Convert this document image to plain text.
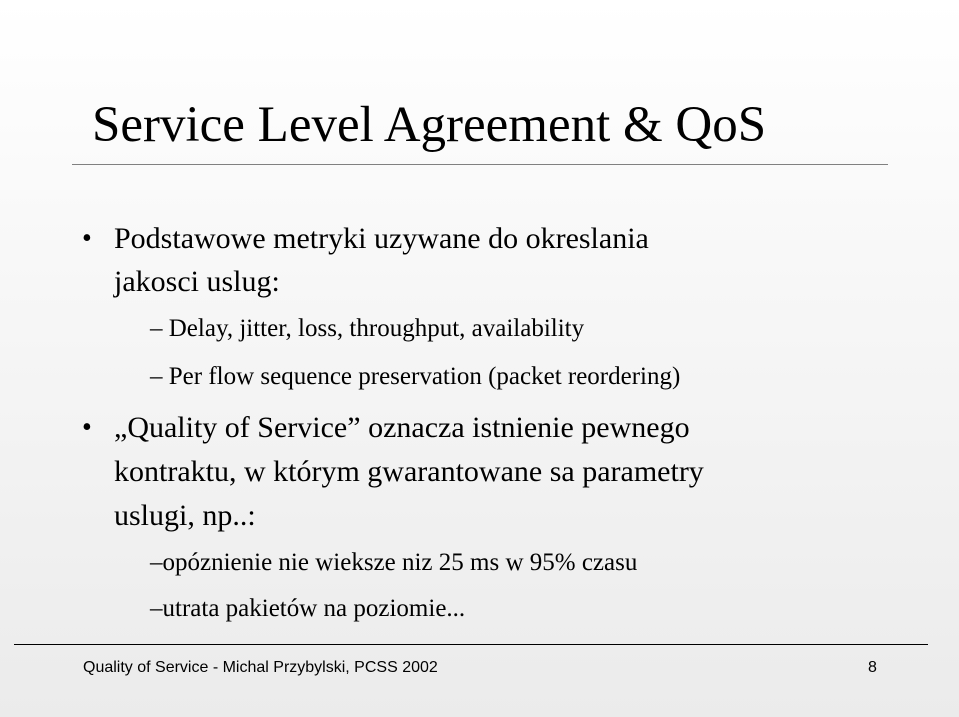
Service Level Agreement & QoS
• Podstawowe metryki uzywane do okreslania

jakosci uslug:

– Delay, jitter, loss, throughput, availability

– Per flow sequence preservation (packet reordering)

• „Quality of Service” oznacza istnienie pewnego

kontraktu, w którym gwarantowane sa parametry

uslugi, np..:

–opóznienie nie wieksze niz 25 ms w 95% czasu

–utrata pakietów na poziomie...

Quality of Service - Michal Przybylski, PCSS 2002	8
